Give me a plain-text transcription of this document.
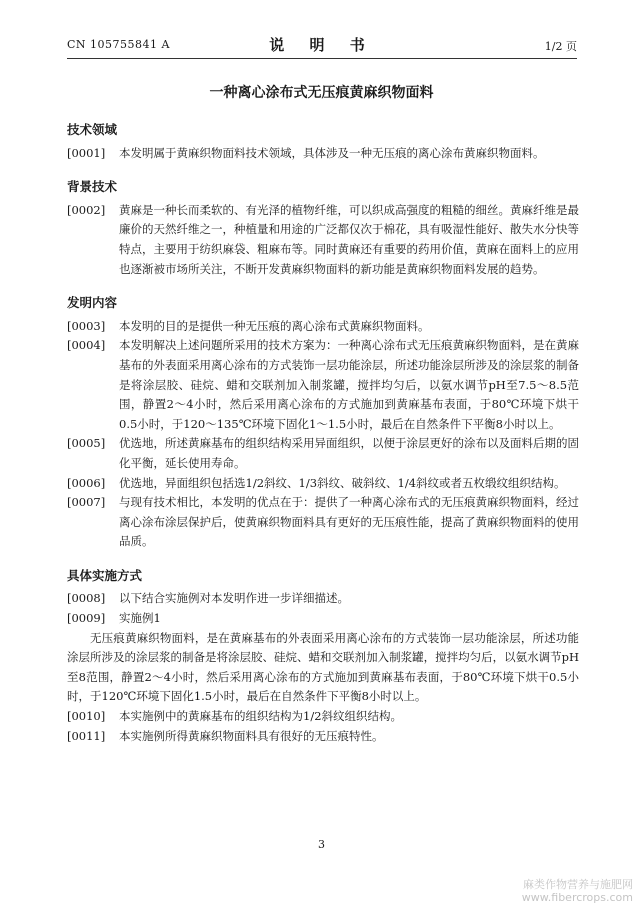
CN 105755841 A	说 明 书	1/2 页
一种离心涂布式无压痕黄麻织物面料
技术领域
[0001]	本发明属于黄麻织物面料技术领域，具体涉及一种无压痕的离心涂布黄麻织物面料。
背景技术
[0002]	黄麻是一种长而柔软的、有光泽的植物纤维，可以织成高强度的粗糙的细丝。黄麻纤维是最廉价的天然纤维之一，种植量和用途的广泛都仅次于棉花，具有吸湿性能好、散失水分快等特点，主要用于纺织麻袋、粗麻布等。同时黄麻还有重要的药用价值，黄麻在面料上的应用也逐渐被市场所关注，不断开发黄麻织物面料的新功能是黄麻织物面料发展的趋势。
发明内容
[0003]	本发明的目的是提供一种无压痕的离心涂布式黄麻织物面料。
[0004]	本发明解决上述问题所采用的技术方案为：一种离心涂布式无压痕黄麻织物面料，是在黄麻基布的外表面采用离心涂布的方式装饰一层功能涂层，所述功能涂层所涉及的涂层浆的制备是将涂层胶、硅烷、蜡和交联剂加入制浆罐，搅拌均匀后，以氨水调节pH至7.5～8.5范围，静置2～4小时，然后采用离心涂布的方式施加到黄麻基布表面，于80℃环境下烘干0.5小时，于120～135℃环境下固化1～1.5小时，最后在自然条件下平衡8小时以上。
[0005]	优选地，所述黄麻基布的组织结构采用异面组织，以便于涂层更好的涂布以及面料后期的固化平衡，延长使用寿命。
[0006]	优选地，异面组织包括选1/2斜纹、1/3斜纹、破斜纹、1/4斜纹或者五枚缎纹组织结构。
[0007]	与现有技术相比，本发明的优点在于：提供了一种离心涂布式的无压痕黄麻织物面料，经过离心涂布涂层保护后，使黄麻织物面料具有更好的无压痕性能，提高了黄麻织物面料的使用品质。
具体实施方式
[0008]	以下结合实施例对本发明作进一步详细描述。
[0009]	实施例1
无压痕黄麻织物面料，是在黄麻基布的外表面采用离心涂布的方式装饰一层功能涂层，所述功能涂层所涉及的涂层浆的制备是将涂层胶、硅烷、蜡和交联剂加入制浆罐，搅拌均匀后，以氨水调节pH至8范围，静置2～4小时，然后采用离心涂布的方式施加到黄麻基布表面，于80℃环境下烘干0.5小时，于120℃环境下固化1.5小时，最后在自然条件下平衡8小时以上。
[0010]	本实施例中的黄麻基布的组织结构为1/2斜纹组织结构。
[0011]	本实施例所得黄麻织物面料具有很好的无压痕特性。
3
麻类作物营养与施肥网
www.fibercrops.com
